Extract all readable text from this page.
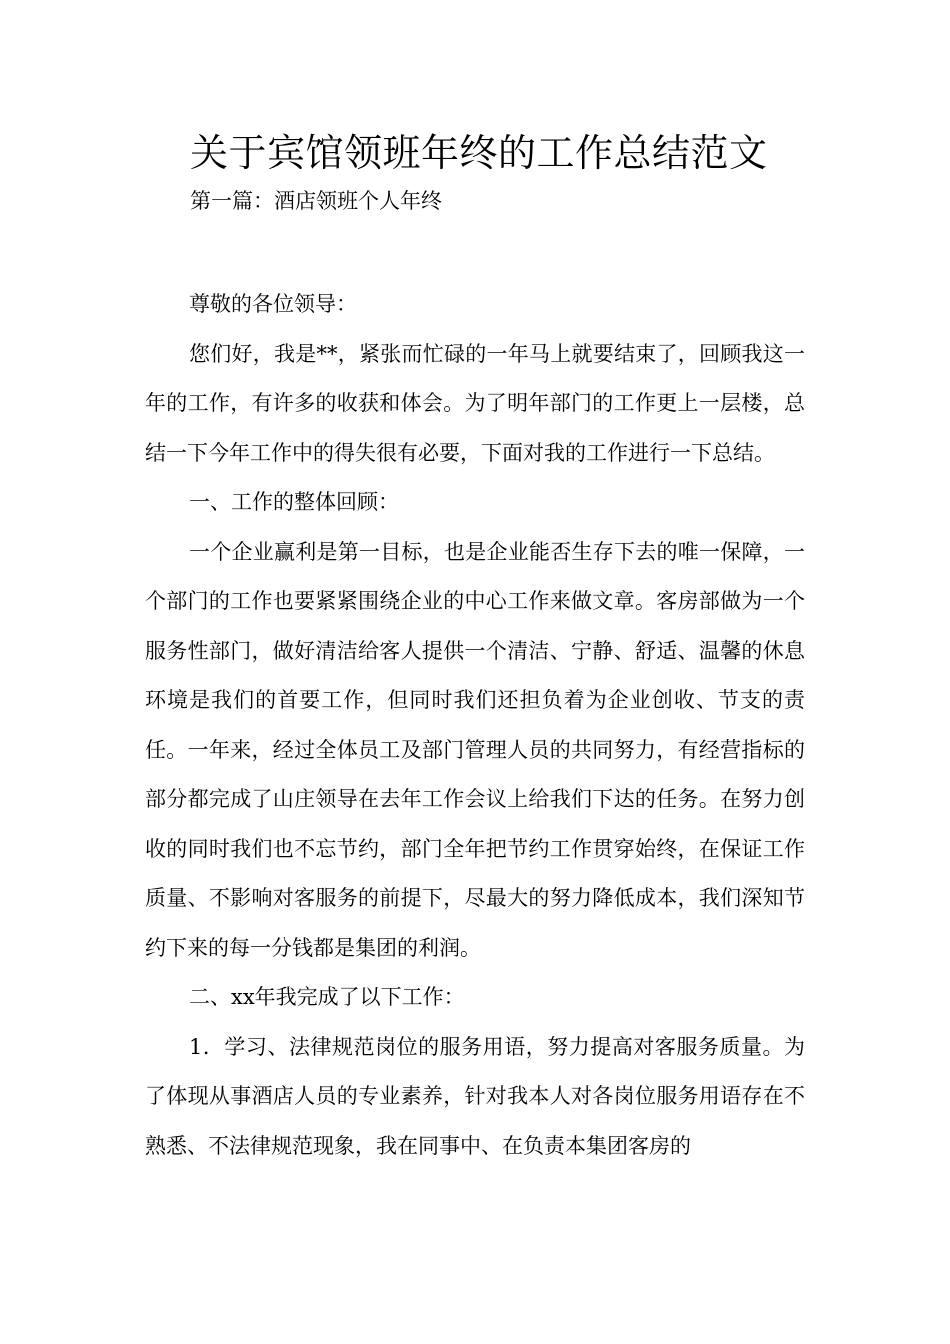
关于宾馆领班年终的工作总结范文
第一篇：酒店领班个人年终

尊敬的各位领导：

您们好，我是**，紧张而忙碌的一年马上就要结束了，回顾我这一年的工作，有许多的收获和体会。为了明年部门的工作更上一层楼，总结一下今年工作中的得失很有必要，下面对我的工作进行一下总结。

一、工作的整体回顾：

一个企业赢利是第一目标，也是企业能否生存下去的唯一保障，一个部门的工作也要紧紧围绕企业的中心工作来做文章。客房部做为一个服务性部门，做好清洁给客人提供一个清洁、宁静、舒适、温馨的休息环境是我们的首要工作，但同时我们还担负着为企业创收、节支的责任。一年来，经过全体员工及部门管理人员的共同努力，有经营指标的部分都完成了山庄领导在去年工作会议上给我们下达的任务。在努力创收的同时我们也不忘节约，部门全年把节约工作贯穿始终，在保证工作质量、不影响对客服务的前提下，尽最大的努力降低成本，我们深知节约下来的每一分钱都是集团的利润。

二、xx年我完成了以下工作：

1．学习、法律规范岗位的服务用语，努力提高对客服务质量。为了体现从事酒店人员的专业素养，针对我本人对各岗位服务用语存在不熟悉、不法律规范现象，我在同事中、在负责本集团客房的
